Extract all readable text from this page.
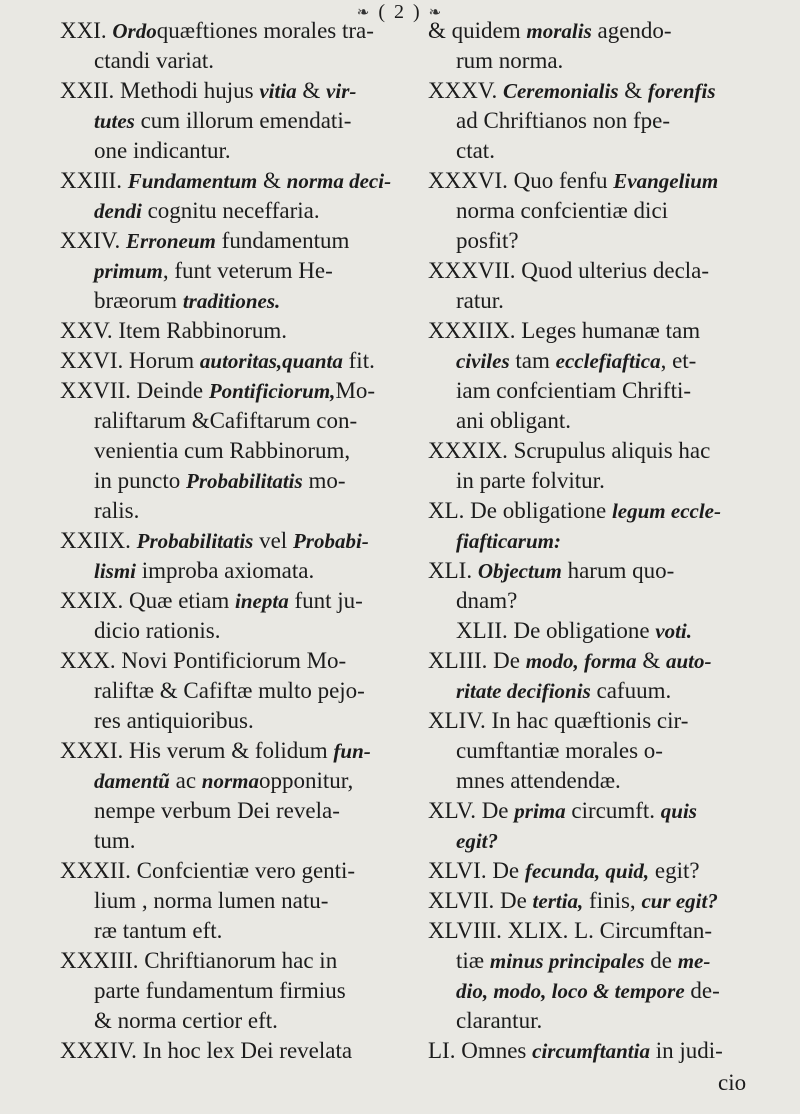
❧ ( 2 ) ❧
XXI. Ordoquæftiones morales tra-
ctandi variat.
XXII. Methodi hujus vitia & vir-
tutes cum illorum emendati-
one indicantur.
XXIII. Fundamentum & norma deci-
dendi cognitu neceffaria.
XXIV. Erroneum fundamentum
primum, funt veterum He-
bræorum traditiones.
XXV. Item Rabbinorum.
XXVI. Horum autoritas,quanta fit.
XXVII. Deinde Pontificiorum,Mo-
raliftarum &Cafiftarum con-
venientia cum Rabbinorum,
in puncto Probabilitatis mo-
ralis.
XXIIX. Probabilitatis vel Probabi-
lismi improba axiomata.
XXIX. Quæ etiam inepta funt ju-
dicio rationis.
XXX. Novi Pontificiorum Mo-
raliftæ & Cafiftæ multo pejo-
res antiquioribus.
XXXI. His verum & folidum fun-
damentũ ac normaopponitur,
nempe verbum Dei revela-
tum.
XXXII. Confcientiæ vero genti-
lium , norma lumen natu-
ræ tantum eft.
XXXIII. Chriftianorum hac in
parte fundamentum firmius
& norma certior eft.
XXXIV. In hoc lex Dei revelata
& quidem moralis agendo-
rum norma.
XXXV. Ceremonialis & forenfis
ad Chriftianos non fpe-
ctat.
XXXVI. Quo fenfu Evangelium
norma confcientiæ dici
posfit?
XXXVII. Quod ulterius decla-
ratur.
XXXIIX. Leges humanæ tam
civiles tam ecclefiaftica, et-
iam confcientiam Chrifti-
ani obligant.
XXXIX. Scrupulus aliquis hac
in parte folvitur.
XL. De obligatione legum eccle-
fiafticarum:
XLI. Objectum harum quo-
dnam?
XLII. De obligatione voti.
XLIII. De modo, forma & auto-
ritate decifionis cafuum.
XLIV. In hac quæftionis cir-
cumftantiæ morales o-
mnes attendendæ.
XLV. De prima circumft. quis
egit?
XLVI. De fecunda, quid, egit?
XLVII. De tertia, finis, cur egit?
XLVIII. XLIX. L. Circumftan-
tiæ minus principales de me-
dio, modo, loco & tempore de-
clarantur.
LI. Omnes circumftantia in judi-
cio
